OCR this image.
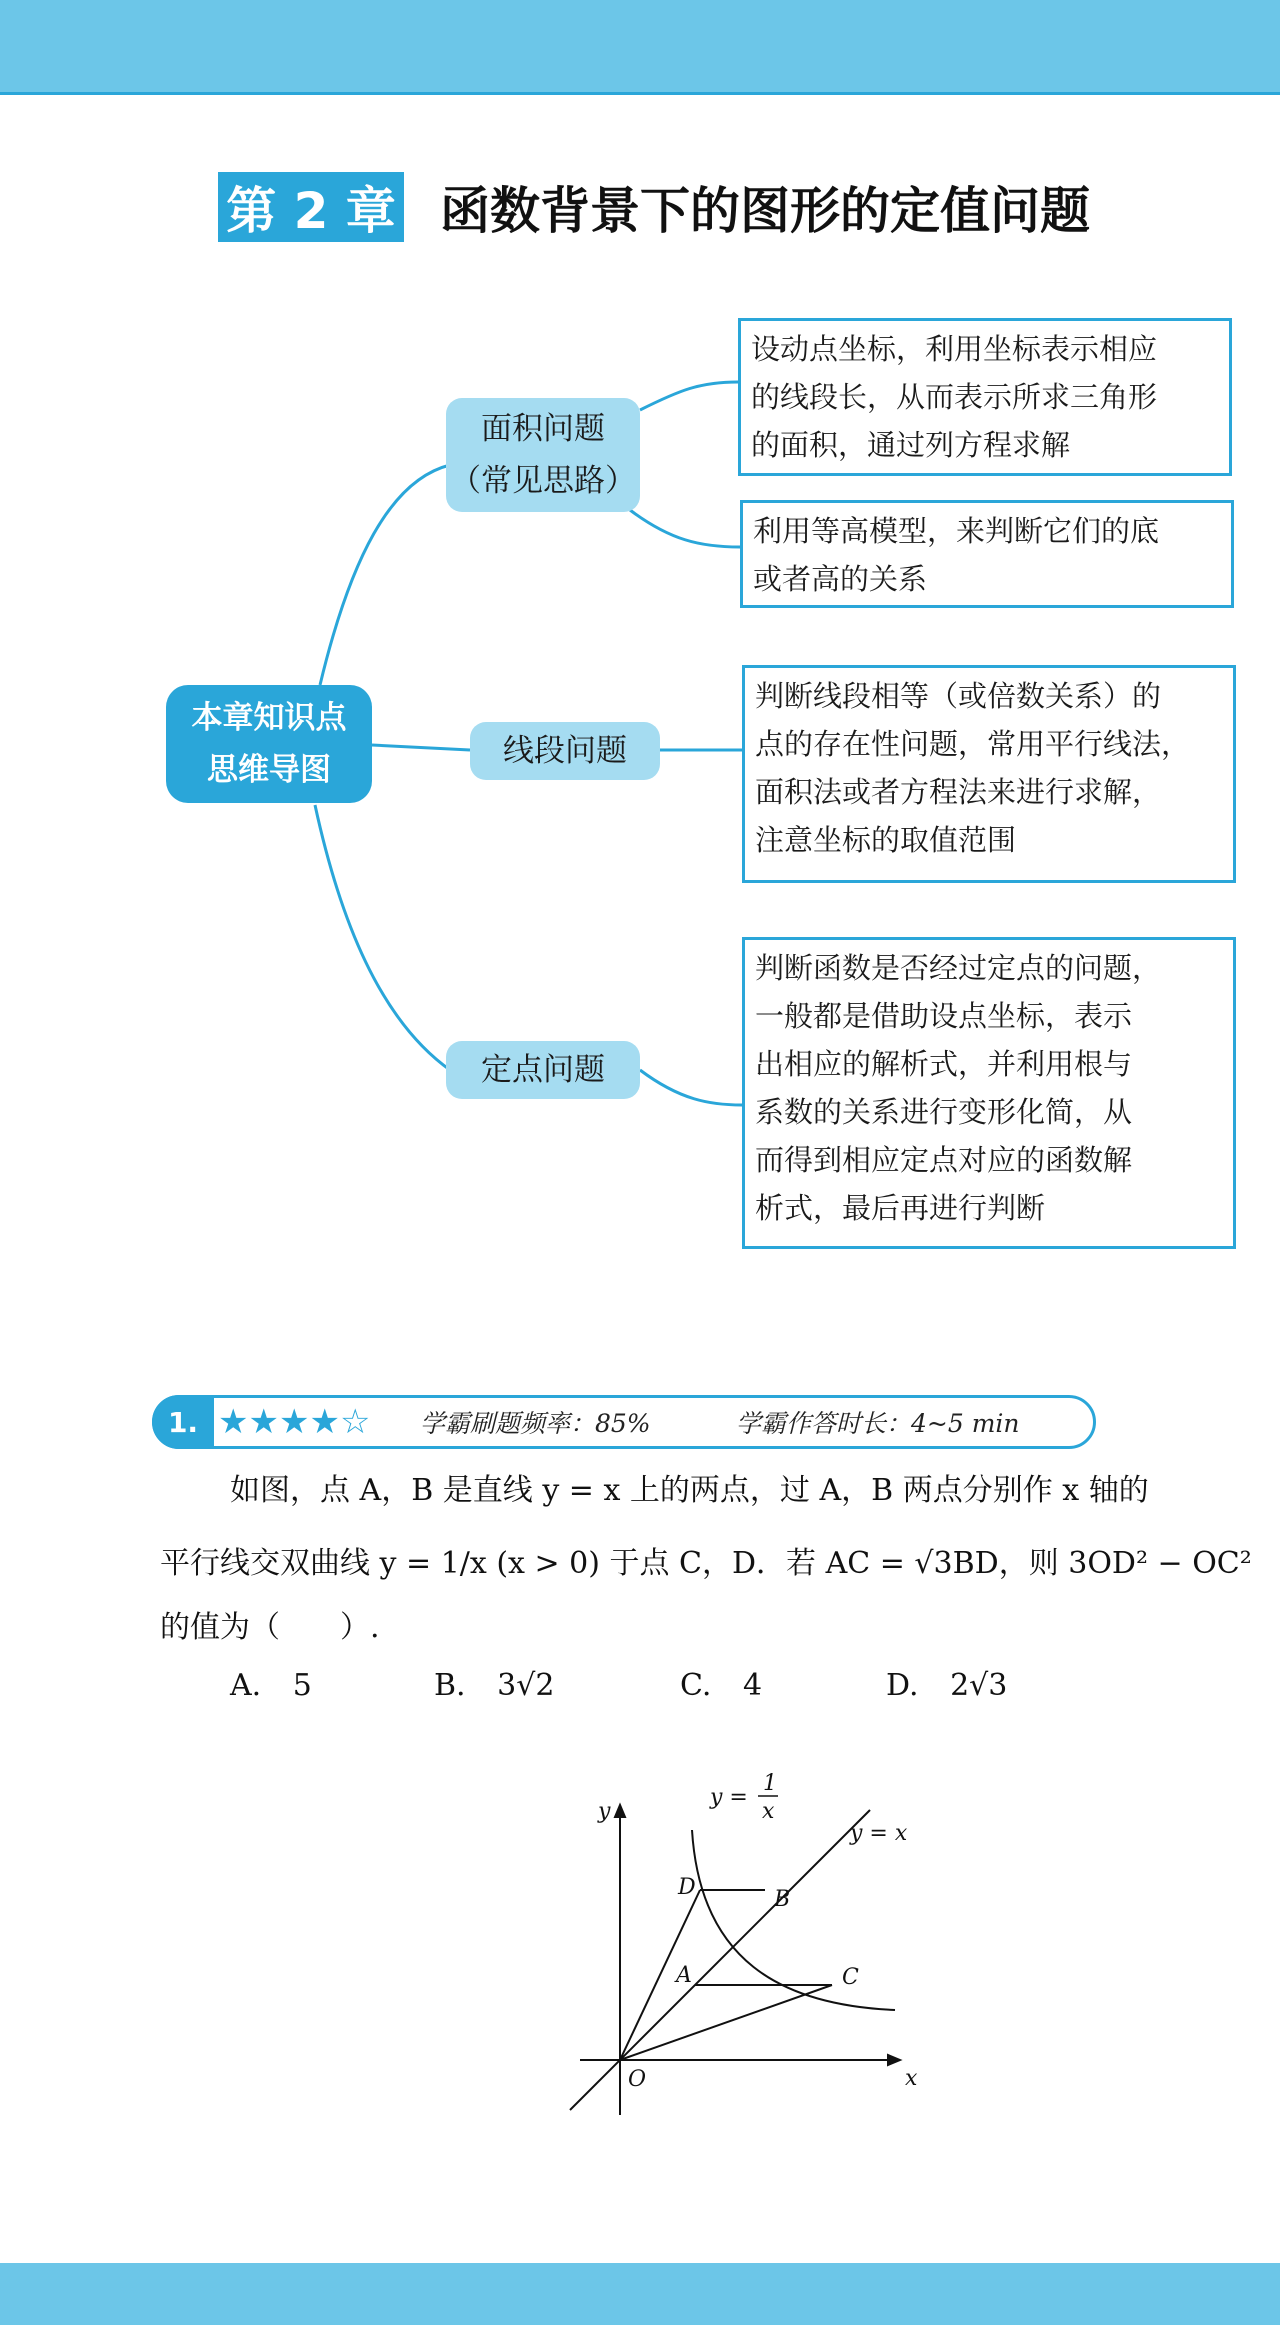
第 2 章 函数背景下的图形的定值问题
本章知识点
思维导图
面积问题
（常见思路）
线段问题
定点问题
设动点坐标，利用坐标表示相应
的线段长，从而表示所求三角形
的面积，通过列方程求解
利用等高模型，来判断它们的底
或者高的关系
判断线段相等（或倍数关系）的
点的存在性问题，常用平行线法，
面积法或者方程法来进行求解，
注意坐标的取值范围
判断函数是否经过定点的问题，
一般都是借助设点坐标，表示
出相应的解析式，并利用根与
系数的关系进行变形化简，从
而得到相应定点对应的函数解
析式，最后再进行判断
1. ★ ★ ★ ★ ☆ 学霸刷题频率：85%	学霸作答时长：4~5 min
如图，点 A，B 是直线 y = x 上的两点，过 A，B 两点分别作 x 轴的
平行线交双曲线 y = 1/x (x > 0) 于点 C，D．若 AC = √3BD，则 3OD² − OC²
的值为（　　）.
A. 5	B. 3√2	C. 4	D. 2√3
y
x
O
y =
1
x
y = x
D	B
A	C
